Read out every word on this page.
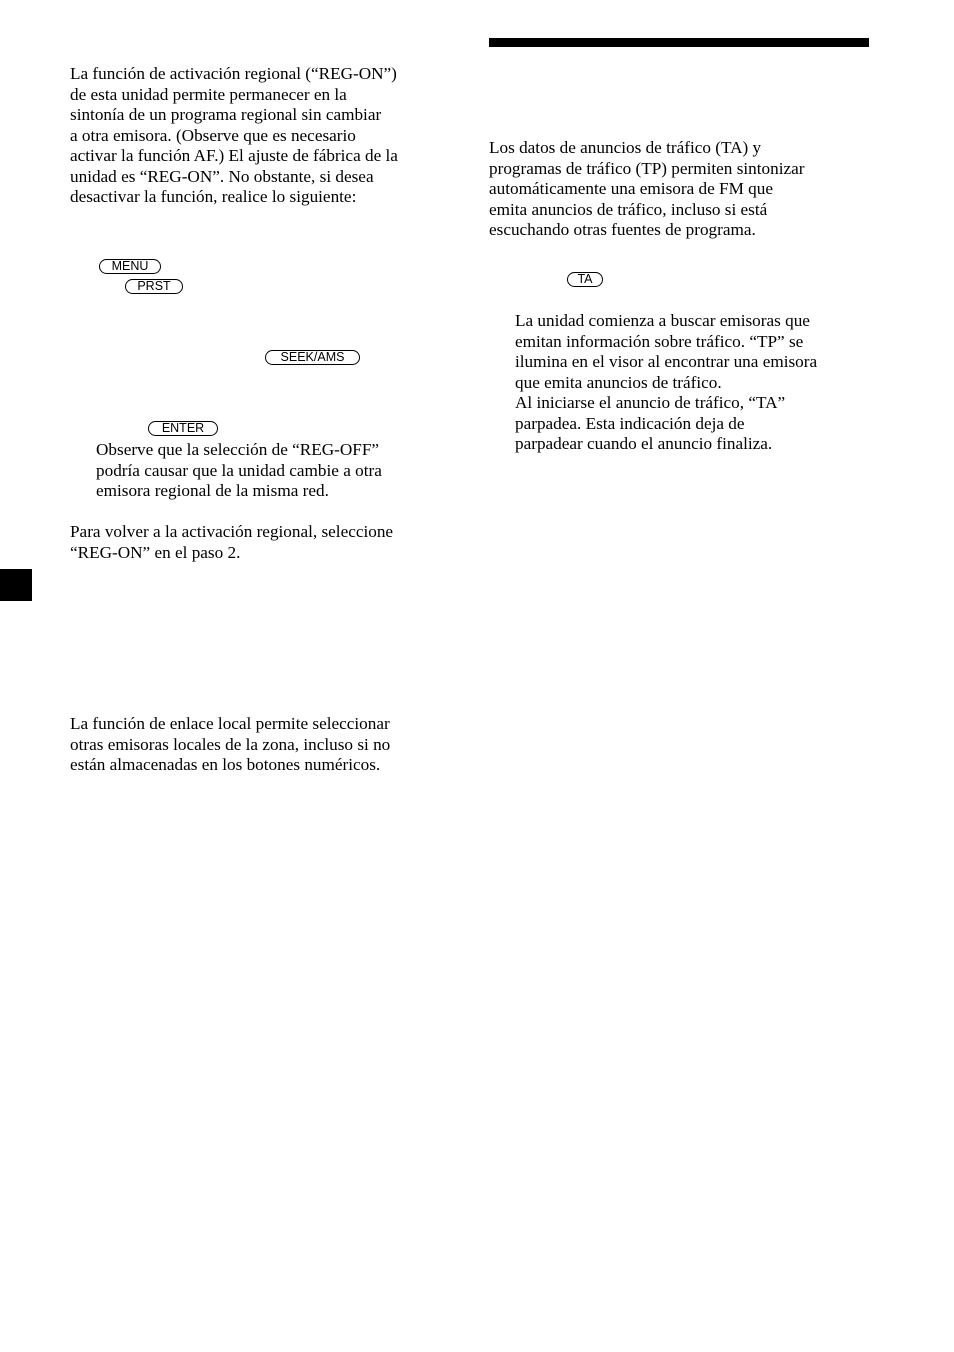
La función de activación regional (“REG-ON”)
de esta unidad permite permanecer en la
sintonía de un programa regional sin cambiar
a otra emisora. (Observe que es necesario
activar la función AF.) El ajuste de fábrica de la
unidad es “REG-ON”. No obstante, si desea
desactivar la función, realice lo siguiente:

MENU
PRST
SEEK/AMS
ENTER

Observe que la selección de “REG-OFF”
podría causar que la unidad cambie a otra
emisora regional de la misma red.

Para volver a la activación regional, seleccione
“REG-ON” en el paso 2.

La función de enlace local permite seleccionar
otras emisoras locales de la zona, incluso si no
están almacenadas en los botones numéricos.

Los datos de anuncios de tráfico (TA) y
programas de tráfico (TP) permiten sintonizar
automáticamente una emisora de FM que
emita anuncios de tráfico, incluso si está
escuchando otras fuentes de programa.

TA

La unidad comienza a buscar emisoras que
emitan información sobre tráfico. “TP” se
ilumina en el visor al encontrar una emisora
que emita anuncios de tráfico.
Al iniciarse el anuncio de tráfico, “TA”
parpadea. Esta indicación deja de
parpadear cuando el anuncio finaliza.
